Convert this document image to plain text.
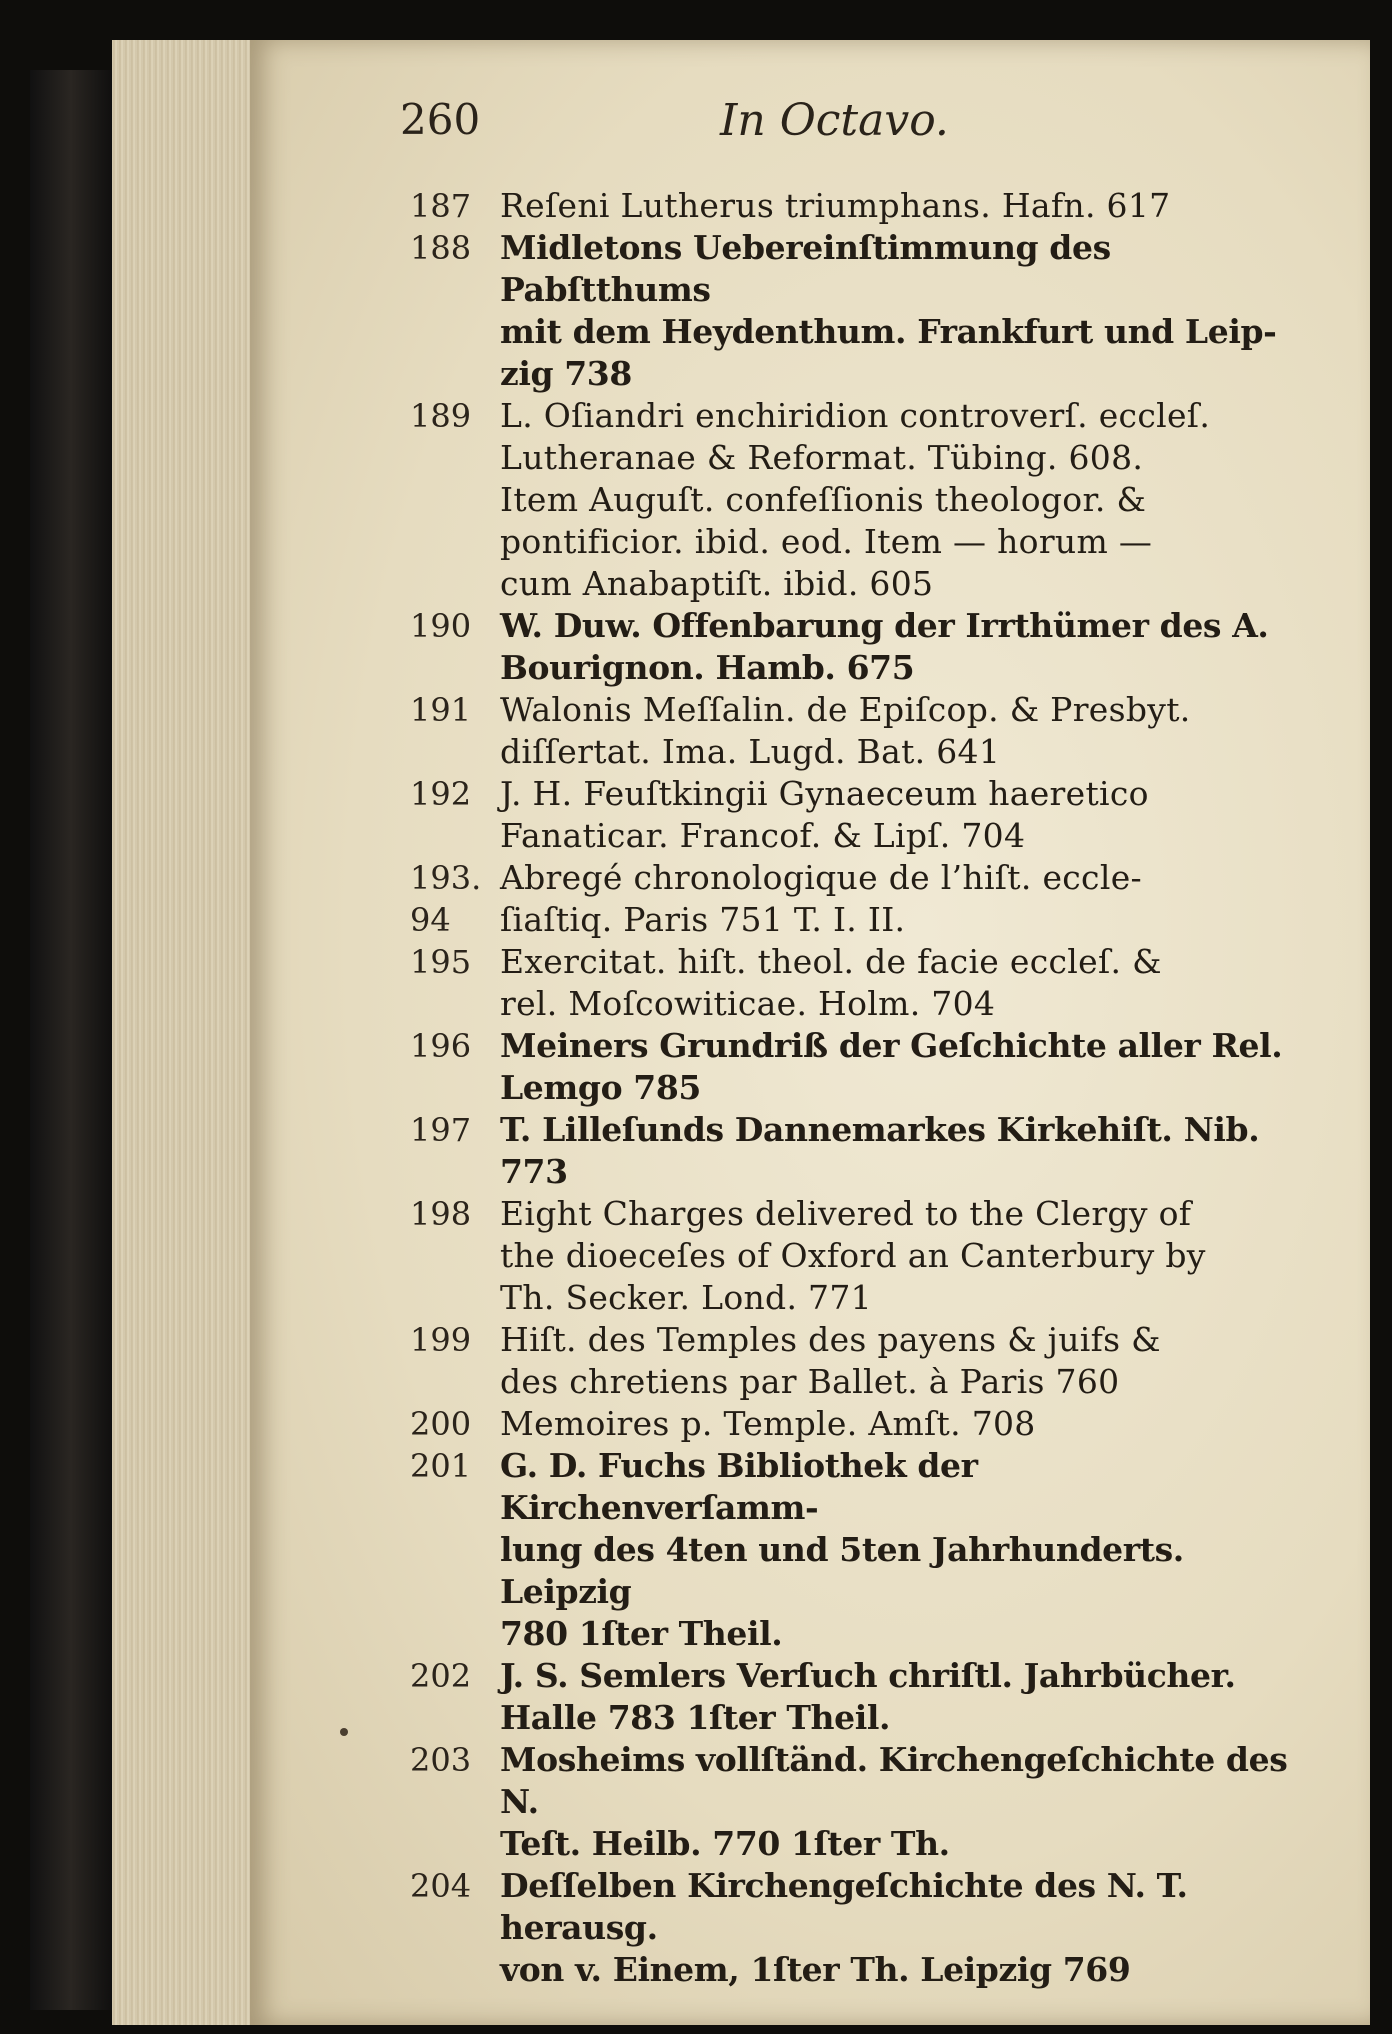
260	In Octavo.
187 Reſeni Lutherus triumphans. Hafn. 617
188 Midletons Uebereinſtimmung des Pabſtthums
mit dem Heydenthum. Frankfurt und Leip-
zig 738
189 L. Oſiandri enchiridion controverſ. eccleſ.
Lutheranae & Reformat. Tübing. 608.
Item Auguſt. confeſſionis theologor. &
pontificior. ibid. eod. Item — horum —
cum Anabaptiſt. ibid. 605
190 W. Duw. Offenbarung der Irrthümer des A.
Bourignon. Hamb. 675
191 Walonis Meſſalin. de Epiſcop. & Presbyt.
diſſertat. Ima. Lugd. Bat. 641
192 J. H. Feuſtkingii Gynaeceum haeretico
Fanaticar. Francof. & Lipſ. 704
193. 94
Abregé chronologique de l’hiſt. eccle-
ſiaſtiq. Paris 751 T. I. II.
195 Exercitat. hiſt. theol. de facie eccleſ. &
rel. Moſcowiticae. Holm. 704
196 Meiners Grundriß der Geſchichte aller Rel.
Lemgo 785
197 T. Lilleſunds Dannemarkes Kirkehiſt. Nib. 773
198 Eight Charges delivered to the Clergy of
the dioeceſes of Oxford an Canterbury by
Th. Secker. Lond. 771
199 Hiſt. des Temples des payens & juifs &
des chretiens par Ballet. à Paris 760
200 Memoires p. Temple. Amſt. 708
201 G. D. Fuchs Bibliothek der Kirchenverſamm-
lung des 4ten und 5ten Jahrhunderts. Leipzig
780 1ſter Theil.
202 J. S. Semlers Verſuch chriſtl. Jahrbücher.
Halle 783 1ſter Theil.
203 Mosheims vollſtänd. Kirchengeſchichte des N.
Teſt. Heilb. 770 1ſter Th.
204 Deſſelben Kirchengeſchichte des N. T. herausg.
von v. Einem, 1ſter Th. Leipzig 769
